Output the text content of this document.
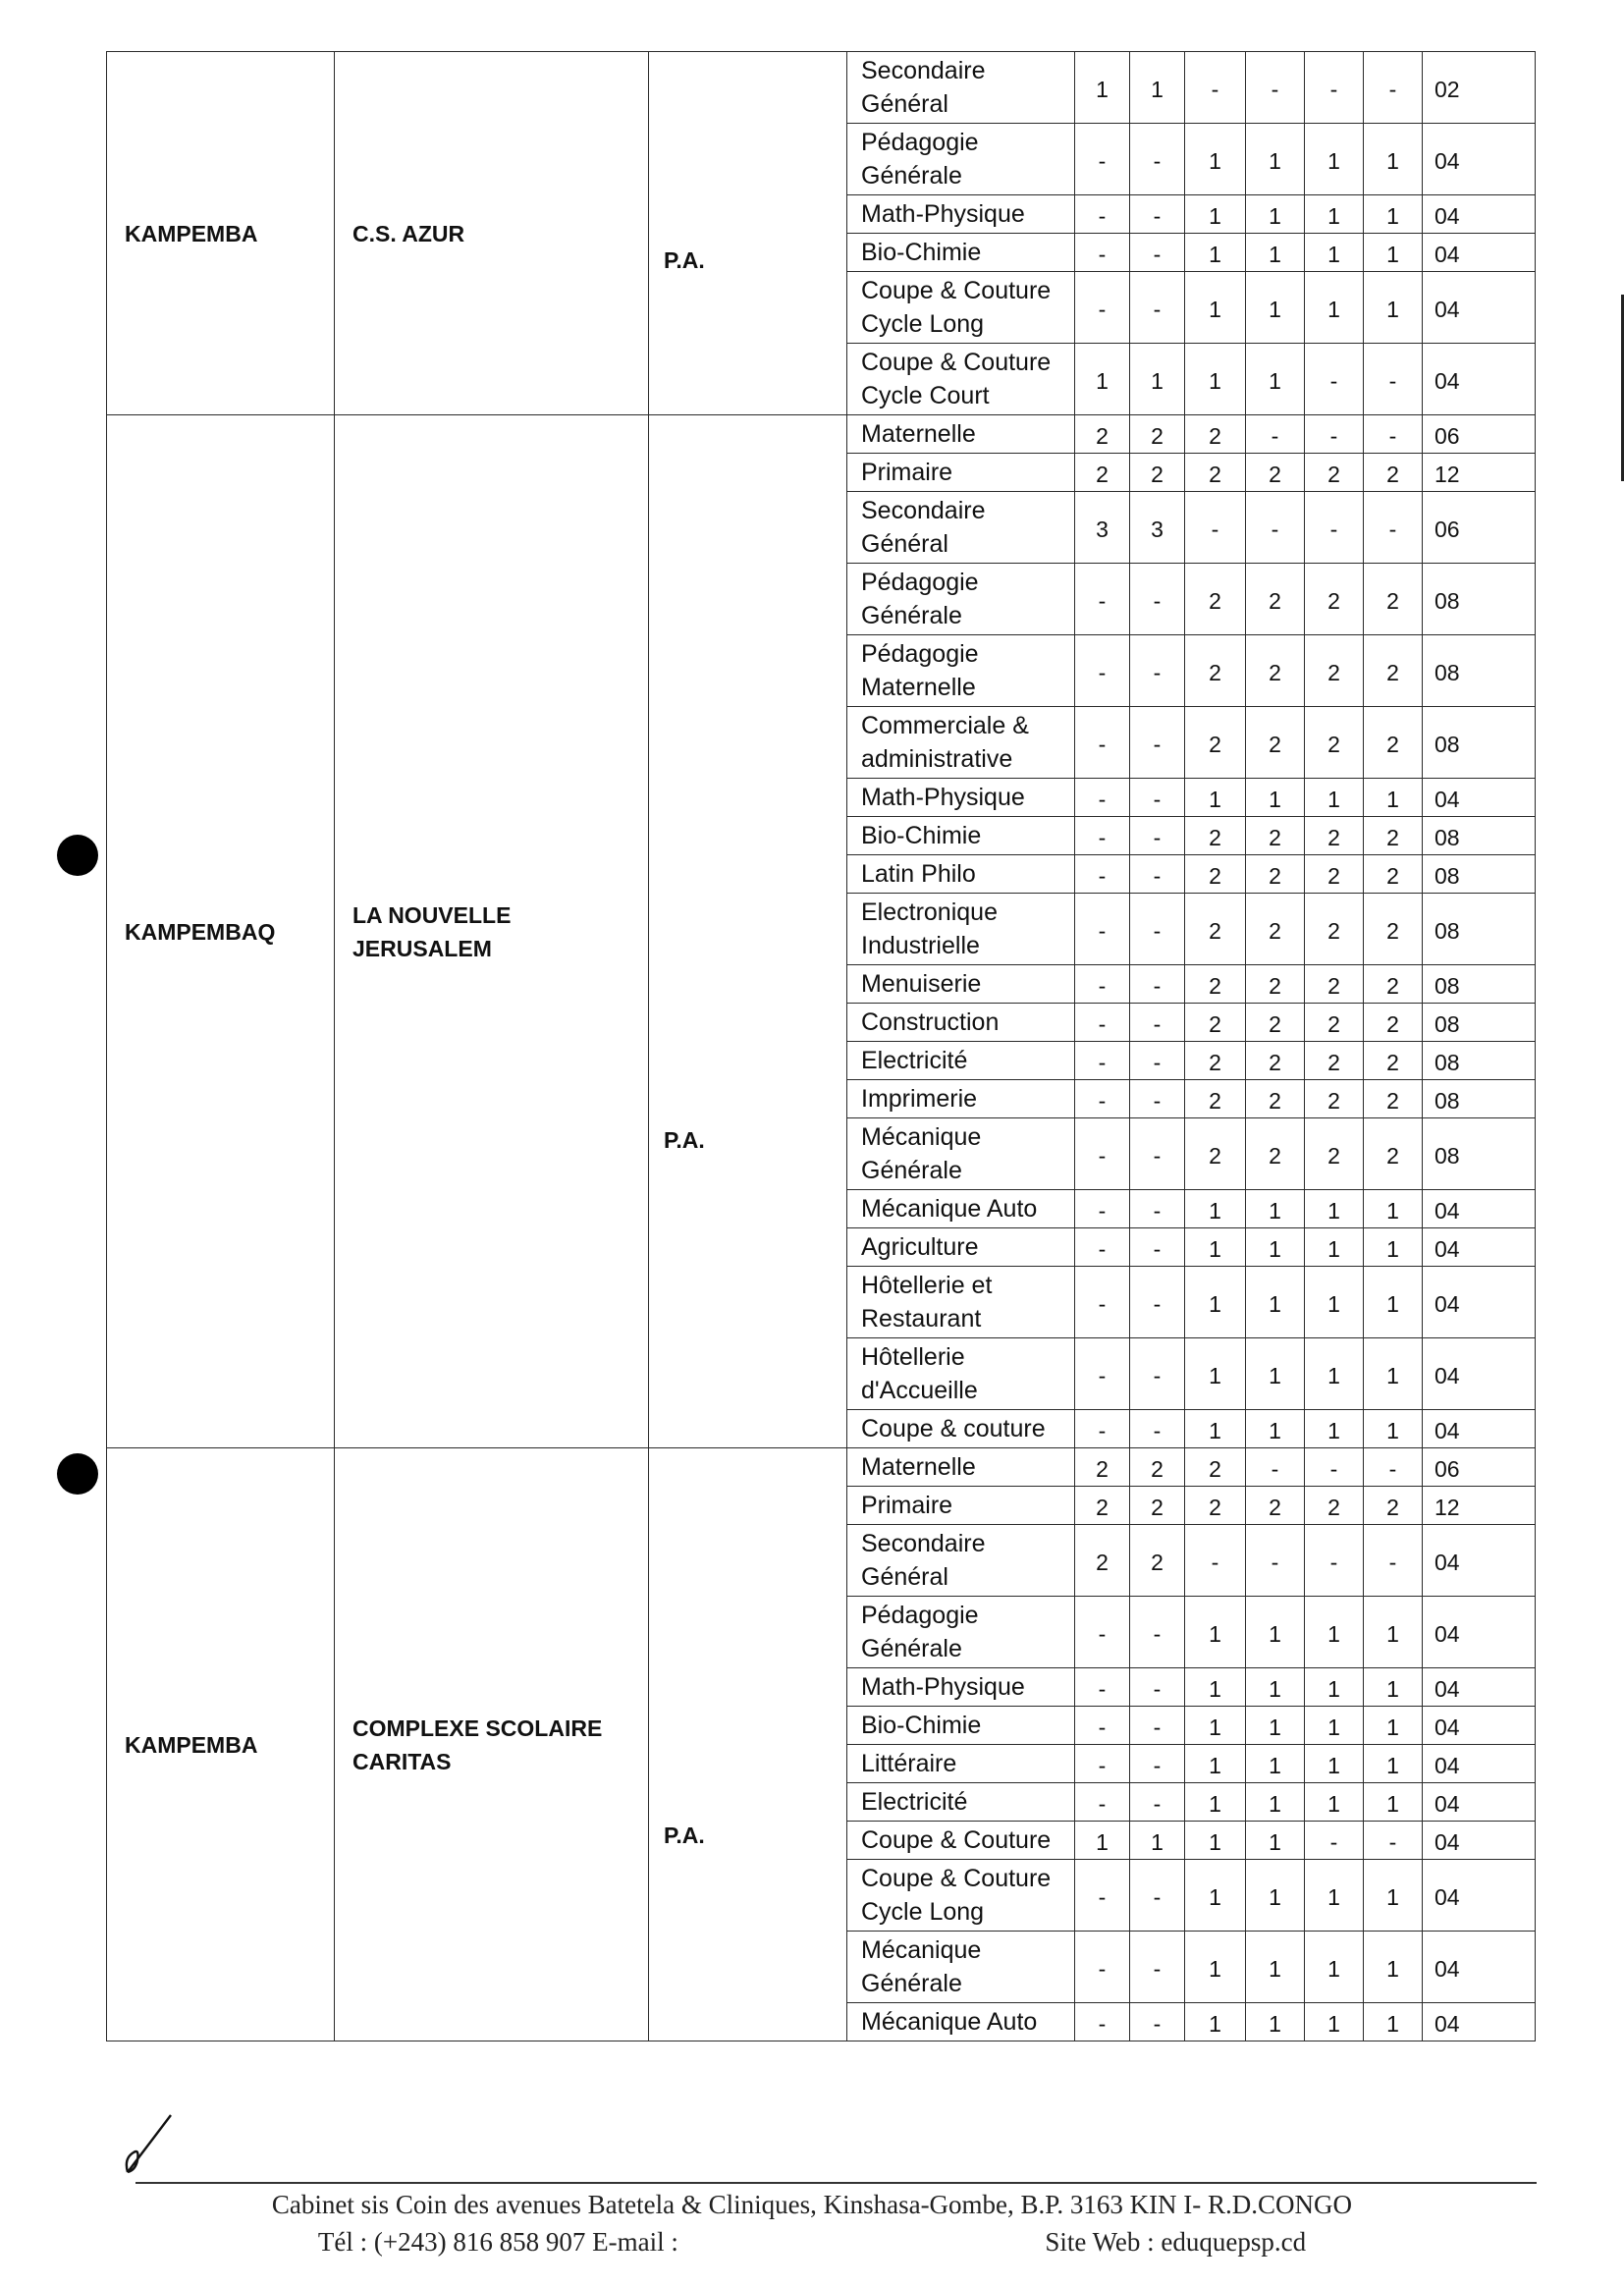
KAMPEMBA	C.S. AZUR	P.A.	Secondaire Général	1	1	-	-	-	-	02
			Pédagogie Générale	-	-	1	1	1	1	04
			Math-Physique	-	-	1	1	1	1	04
			Bio-Chimie	-	-	1	1	1	1	04
			Coupe & Couture Cycle Long	-	-	1	1	1	1	04
			Coupe & Couture Cycle Court	1	1	1	1	-	-	04
KAMPEMBAQ	LA NOUVELLE JERUSALEM	P.A.	Maternelle	2	2	2	-	-	-	06
			Primaire	2	2	2	2	2	2	12
			Secondaire Général	3	3	-	-	-	-	06
			Pédagogie Générale	-	-	2	2	2	2	08
			Pédagogie Maternelle	-	-	2	2	2	2	08
			Commerciale & administrative	-	-	2	2	2	2	08
			Math-Physique	-	-	1	1	1	1	04
			Bio-Chimie	-	-	2	2	2	2	08
			Latin Philo	-	-	2	2	2	2	08
			Electronique Industrielle	-	-	2	2	2	2	08
			Menuiserie	-	-	2	2	2	2	08
			Construction	-	-	2	2	2	2	08
			Electricité	-	-	2	2	2	2	08
			Imprimerie	-	-	2	2	2	2	08
			Mécanique Générale	-	-	2	2	2	2	08
			Mécanique Auto	-	-	1	1	1	1	04
			Agriculture	-	-	1	1	1	1	04
			Hôtellerie et Restaurant	-	-	1	1	1	1	04
			Hôtellerie d'Accueille	-	-	1	1	1	1	04
			Coupe & couture	-	-	1	1	1	1	04
KAMPEMBA	COMPLEXE SCOLAIRE CARITAS	P.A.	Maternelle	2	2	2	-	-	-	06
			Primaire	2	2	2	2	2	2	12
			Secondaire Général	2	2	-	-	-	-	04
			Pédagogie Générale	-	-	1	1	1	1	04
			Math-Physique	-	-	1	1	1	1	04
			Bio-Chimie	-	-	1	1	1	1	04
			Littéraire	-	-	1	1	1	1	04
			Electricité	-	-	1	1	1	1	04
			Coupe & Couture	1	1	1	1	-	-	04
			Coupe & Couture Cycle Long	-	-	1	1	1	1	04
			Mécanique Générale	-	-	1	1	1	1	04
			Mécanique Auto	-	-	1	1	1	1	04
Cabinet sis Coin des avenues Batetela & Cliniques, Kinshasa-Gombe, B.P. 3163 KIN I- R.D.CONGO
Tél : (+243) 816 858 907 E-mail :	Site Web : eduquepsp.cd
